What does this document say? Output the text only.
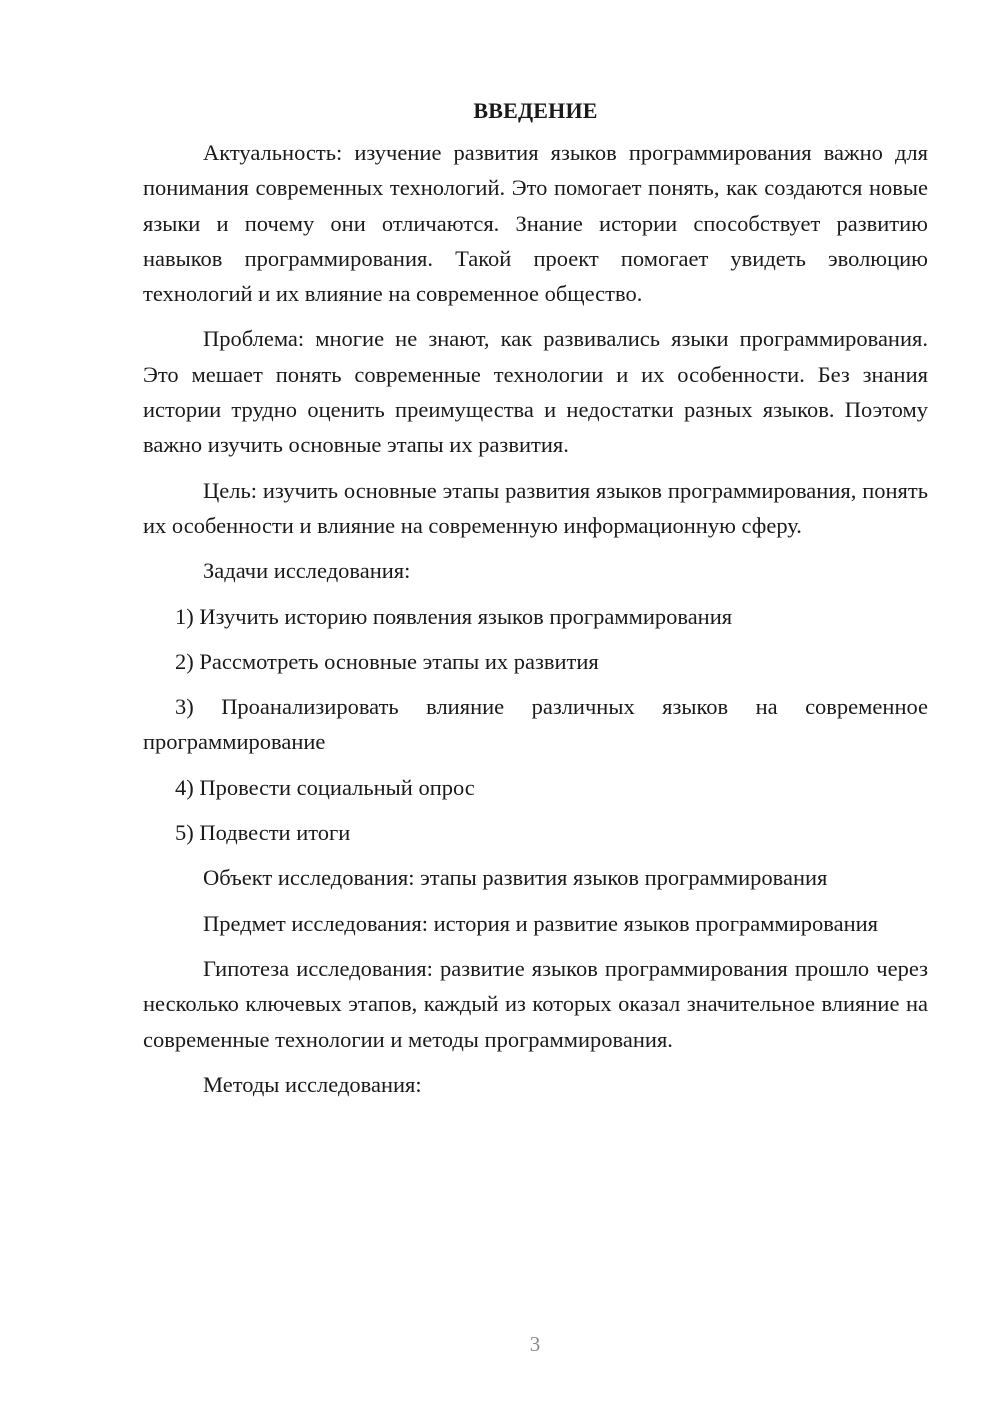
ВВЕДЕНИЕ

Актуальность: изучение развития языков программирования важно для понимания современных технологий. Это помогает понять, как создаются новые языки и почему они отличаются. Знание истории способствует развитию навыков программирования. Такой проект помогает увидеть эволюцию технологий и их влияние на современное общество.

Проблема: многие не знают, как развивались языки программирования. Это мешает понять современные технологии и их особенности. Без знания истории трудно оценить преимущества и недостатки разных языков. Поэтому важно изучить основные этапы их развития.

Цель: изучить основные этапы развития языков программирования, понять их особенности и влияние на современную информационную сферу.

Задачи исследования:

1) Изучить историю появления языков программирования

2) Рассмотреть основные этапы их развития

3) Проанализировать влияние различных языков на современное программирование

4) Провести социальный опрос

5) Подвести итоги

Объект исследования: этапы развития языков программирования

Предмет исследования: история и развитие языков программирования

Гипотеза исследования: развитие языков программирования прошло через несколько ключевых этапов, каждый из которых оказал значительное влияние на современные технологии и методы программирования.

Методы исследования:

3
